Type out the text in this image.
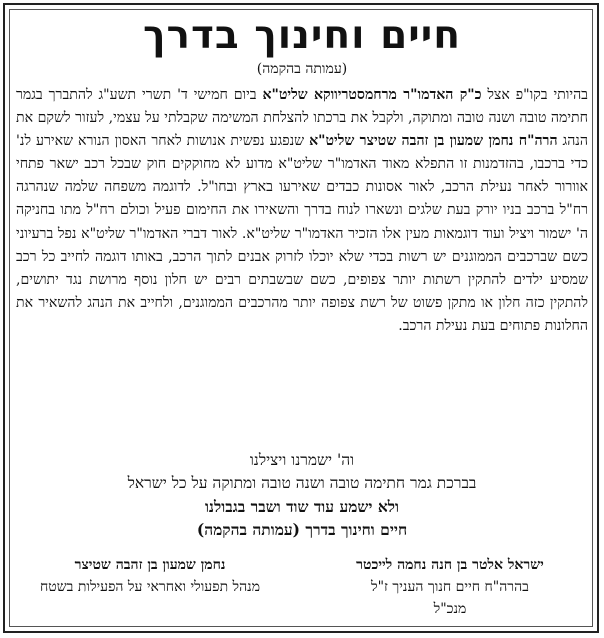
חיים וחינוך בדרך
(עמותה בהקמה)
בהיותי בקו"פ אצל כ"ק האדמו"ר מרחמסטריווקא שליט"א ביום חמישי ד' תשרי תשע"ג להתברך בגמר חתימה טובה ושנה טובה ומתוקה, ולקבל את ברכתו להצלחת המשימה שקבלתי על עצמי, לעזור לשקם את הנהג הרה"ח נחמן שמעון בן זהבה שטיצר שליט"א שנפגע נפשית אנושות לאחר האסון הנורא שאירע לנ' כדי ברכבו, בהזדמנות זו התפלא מאוד האדמו"ר שליט"א מדוע לא מחוקקים חוק שבכל רכב ישאר פתחי אוורור לאחר נעילת הרכב, לאור אסונות כבדים שאירעו בארץ ובחו"ל. לדוגמה משפחה שלמה שנהרגה רח"ל ברכב בניו יורק בעת שלגים ונשארו לנוח בדרך והשאירו את החימום פעיל וכולם רח"ל מתו בחניקה ה' ישמור ויציל ועוד דוגמאות מעין אלו הזכיר האדמו"ר שליט"א. לאור דברי האדמו"ר שליט"א נפל ברעיוני כשם שברכבים הממוגנים יש רשות בכדי שלא יוכלו לזרוק אבנים לתוך הרכב, באותו דוגמה לחייב כל רכב שמסיע ילדים להתקין רשתות יותר צפופים, כשם שבשבתים רבים יש חלון נוסף מרושת נגד יתושים, להתקין כזה חלון או מתקן פשוט של רשת צפופה יותר מהרכבים הממוגנים, ולחייב את הנהג להשאיר את החלונות פתוחים בעת נעילת הרכב.
וה' ישמרנו ויצילנו
בברכת גמר חתימה טובה ושנה טובה ומתוקה על כל ישראל
ולא ישמע עוד שוד ושבר בגבולנו
חיים וחינוך בדרך (עמותה בהקמה)
ישראל אלטר בן חנה נחמה לייכטר
בהרה"ח חיים חנוך העניך ז"ל
מנכ"ל
נחמן שמעון בן זהבה שטיצר
מנהל תפעולי ואחראי על הפעילות בשטח
